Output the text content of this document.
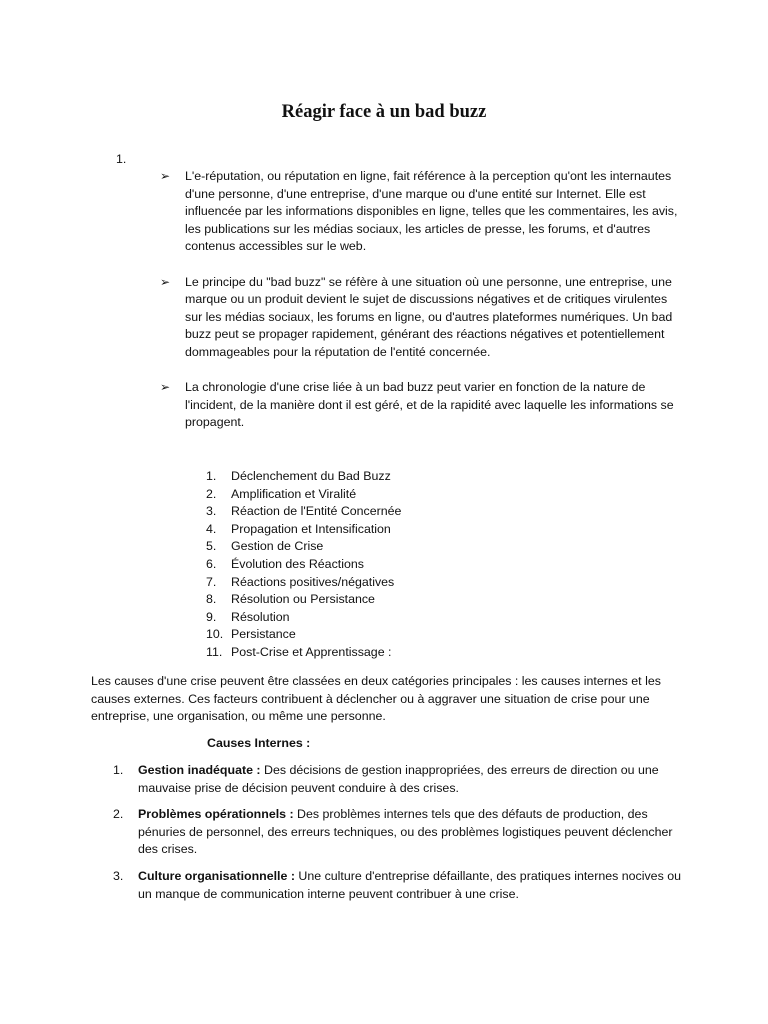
Réagir face à un bad buzz
1.
➢	L'e-réputation, ou réputation en ligne, fait référence à la perception qu'ont les internautes d'une personne, d'une entreprise, d'une marque ou d'une entité sur Internet. Elle est influencée par les informations disponibles en ligne, telles que les commentaires, les avis, les publications sur les médias sociaux, les articles de presse, les forums, et d'autres contenus accessibles sur le web.
➢	Le principe du "bad buzz" se réfère à une situation où une personne, une entreprise, une marque ou un produit devient le sujet de discussions négatives et de critiques virulentes sur les médias sociaux, les forums en ligne, ou d'autres plateformes numériques. Un bad buzz peut se propager rapidement, générant des réactions négatives et potentiellement dommageables pour la réputation de l'entité concernée.
➢	La chronologie d'une crise liée à un bad buzz peut varier en fonction de la nature de l'incident, de la manière dont il est géré, et de la rapidité avec laquelle les informations se propagent.
1.	Déclenchement du Bad Buzz
2.	Amplification et Viralité
3.	Réaction de l'Entité Concernée
4.	Propagation et Intensification
5.	Gestion de Crise
6.	Évolution des Réactions
7.	Réactions positives/négatives
8.	Résolution ou Persistance
9.	Résolution
10. Persistance
11. Post-Crise et Apprentissage :
Les causes d'une crise peuvent être classées en deux catégories principales : les causes internes et les causes externes. Ces facteurs contribuent à déclencher ou à aggraver une situation de crise pour une entreprise, une organisation, ou même une personne.
Causes Internes :
1.	Gestion inadéquate : Des décisions de gestion inappropriées, des erreurs de direction ou une mauvaise prise de décision peuvent conduire à des crises.
2.	Problèmes opérationnels : Des problèmes internes tels que des défauts de production, des pénuries de personnel, des erreurs techniques, ou des problèmes logistiques peuvent déclencher des crises.
3.	Culture organisationnelle : Une culture d'entreprise défaillante, des pratiques internes nocives ou un manque de communication interne peuvent contribuer à une crise.
